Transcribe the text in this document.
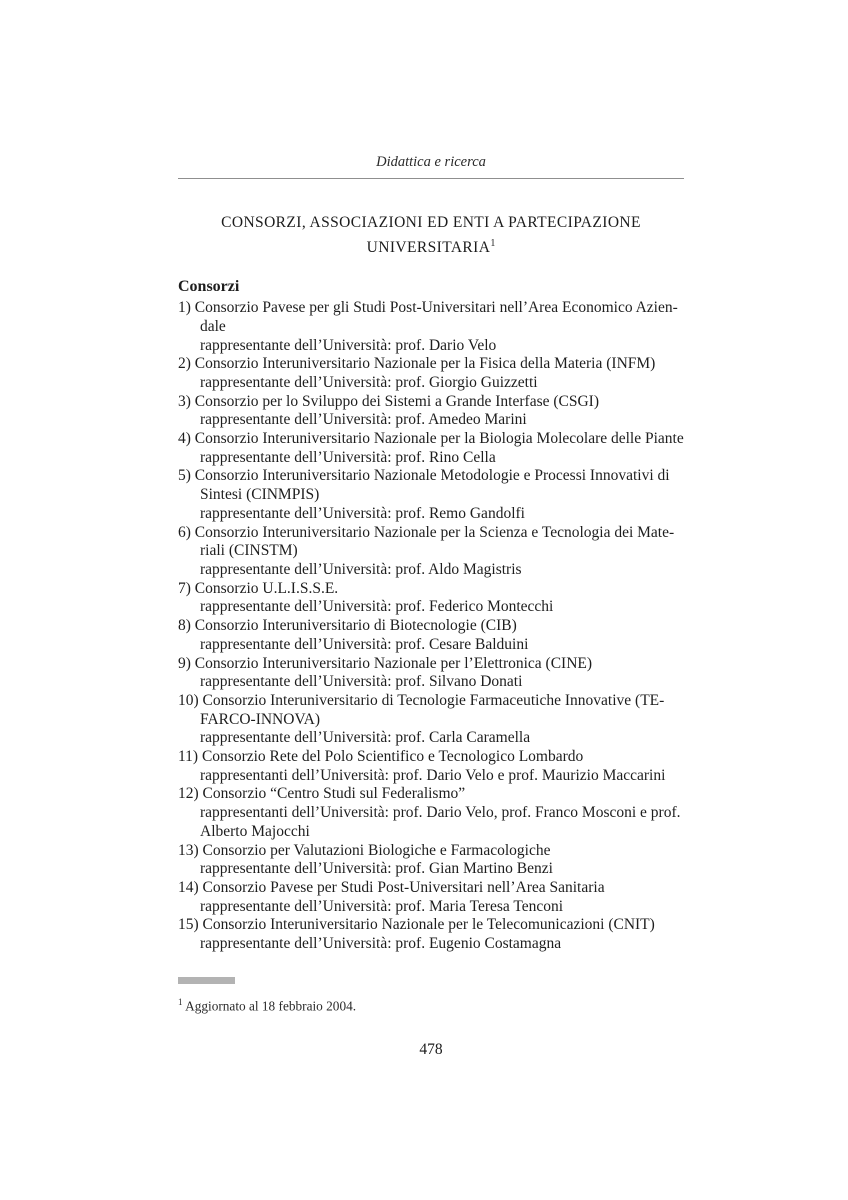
Didattica e ricerca
CONSORZI, ASSOCIAZIONI ED ENTI A PARTECIPAZIONE
UNIVERSITARIA$^1$
Consorzi
1) Consorzio Pavese per gli Studi Post-Universitari nell’Area Economico Azien-
dale
rappresentante dell’Università: prof. Dario Velo
2) Consorzio Interuniversitario Nazionale per la Fisica della Materia (INFM)
rappresentante dell’Università: prof. Giorgio Guizzetti
3) Consorzio per lo Sviluppo dei Sistemi a Grande Interfase (CSGI)
rappresentante dell’Università: prof. Amedeo Marini
4) Consorzio Interuniversitario Nazionale per la Biologia Molecolare delle Piante
rappresentante dell’Università: prof. Rino Cella
5) Consorzio Interuniversitario Nazionale Metodologie e Processi Innovativi di
Sintesi (CINMPIS)
rappresentante dell’Università: prof. Remo Gandolfi
6) Consorzio Interuniversitario Nazionale per la Scienza e Tecnologia dei Mate-
riali (CINSTM)
rappresentante dell’Università: prof. Aldo Magistris
7) Consorzio U.L.I.S.S.E.
rappresentante dell’Università: prof. Federico Montecchi
8) Consorzio Interuniversitario di Biotecnologie (CIB)
rappresentante dell’Università: prof. Cesare Balduini
9) Consorzio Interuniversitario Nazionale per l’Elettronica (CINE)
rappresentante dell’Università: prof. Silvano Donati
10) Consorzio Interuniversitario di Tecnologie Farmaceutiche Innovative (TE-
FARCO-INNOVA)
rappresentante dell’Università: prof. Carla Caramella
11) Consorzio Rete del Polo Scientifico e Tecnologico Lombardo
rappresentanti dell’Università: prof. Dario Velo e prof. Maurizio Maccarini
12) Consorzio “Centro Studi sul Federalismo”
rappresentanti dell’Università: prof. Dario Velo, prof. Franco Mosconi e prof.
Alberto Majocchi
13) Consorzio per Valutazioni Biologiche e Farmacologiche
rappresentante dell’Università: prof. Gian Martino Benzi
14) Consorzio Pavese per Studi Post-Universitari nell’Area Sanitaria
rappresentante dell’Università: prof. Maria Teresa Tenconi
15) Consorzio Interuniversitario Nazionale per le Telecomunicazioni (CNIT)
rappresentante dell’Università: prof. Eugenio Costamagna
$^1$ Aggiornato al 18 febbraio 2004.
478
